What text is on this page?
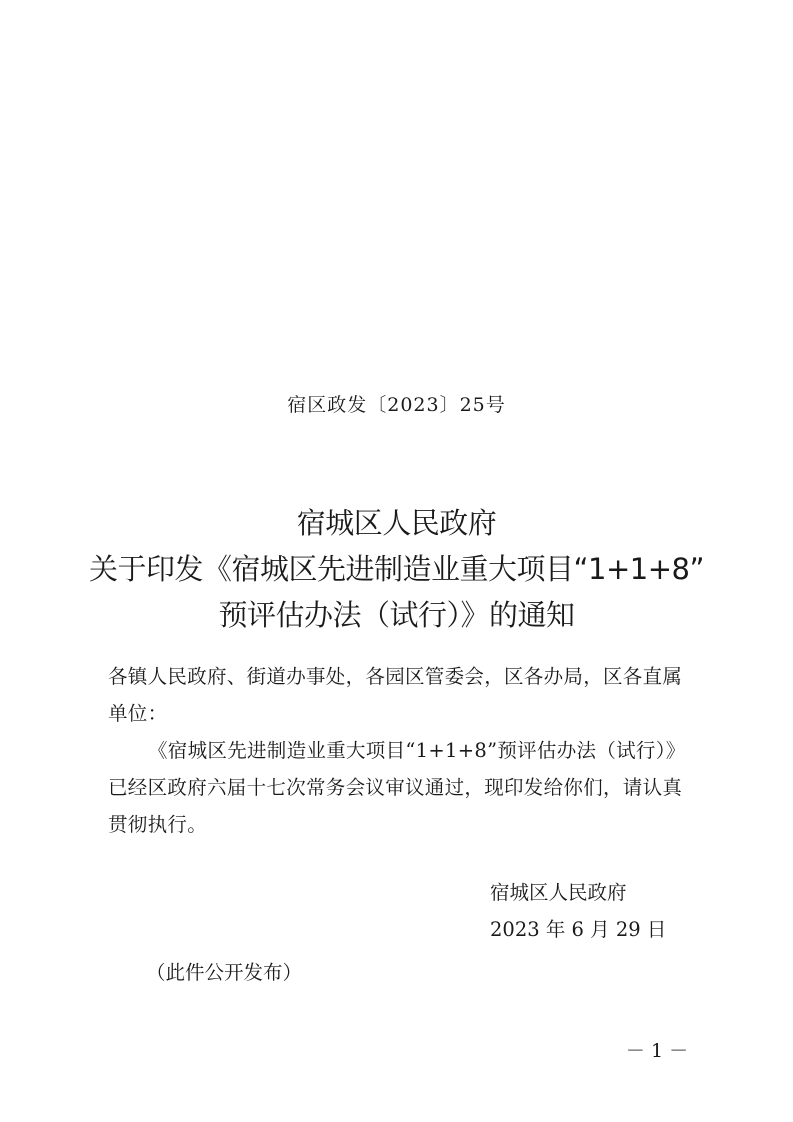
宿区政发〔2023〕25号
宿城区人民政府
关于印发《宿城区先进制造业重大项目“1+1+8”
预评估办法（试行）》的通知
各镇人民政府、街道办事处，各园区管委会，区各办局，区各直属单位：
《宿城区先进制造业重大项目“1+1+8”预评估办法（试行）》已经区政府六届十七次常务会议审议通过，现印发给你们，请认真贯彻执行。
宿城区人民政府
2023 年 6 月 29 日
（此件公开发布）
－ 1 －
